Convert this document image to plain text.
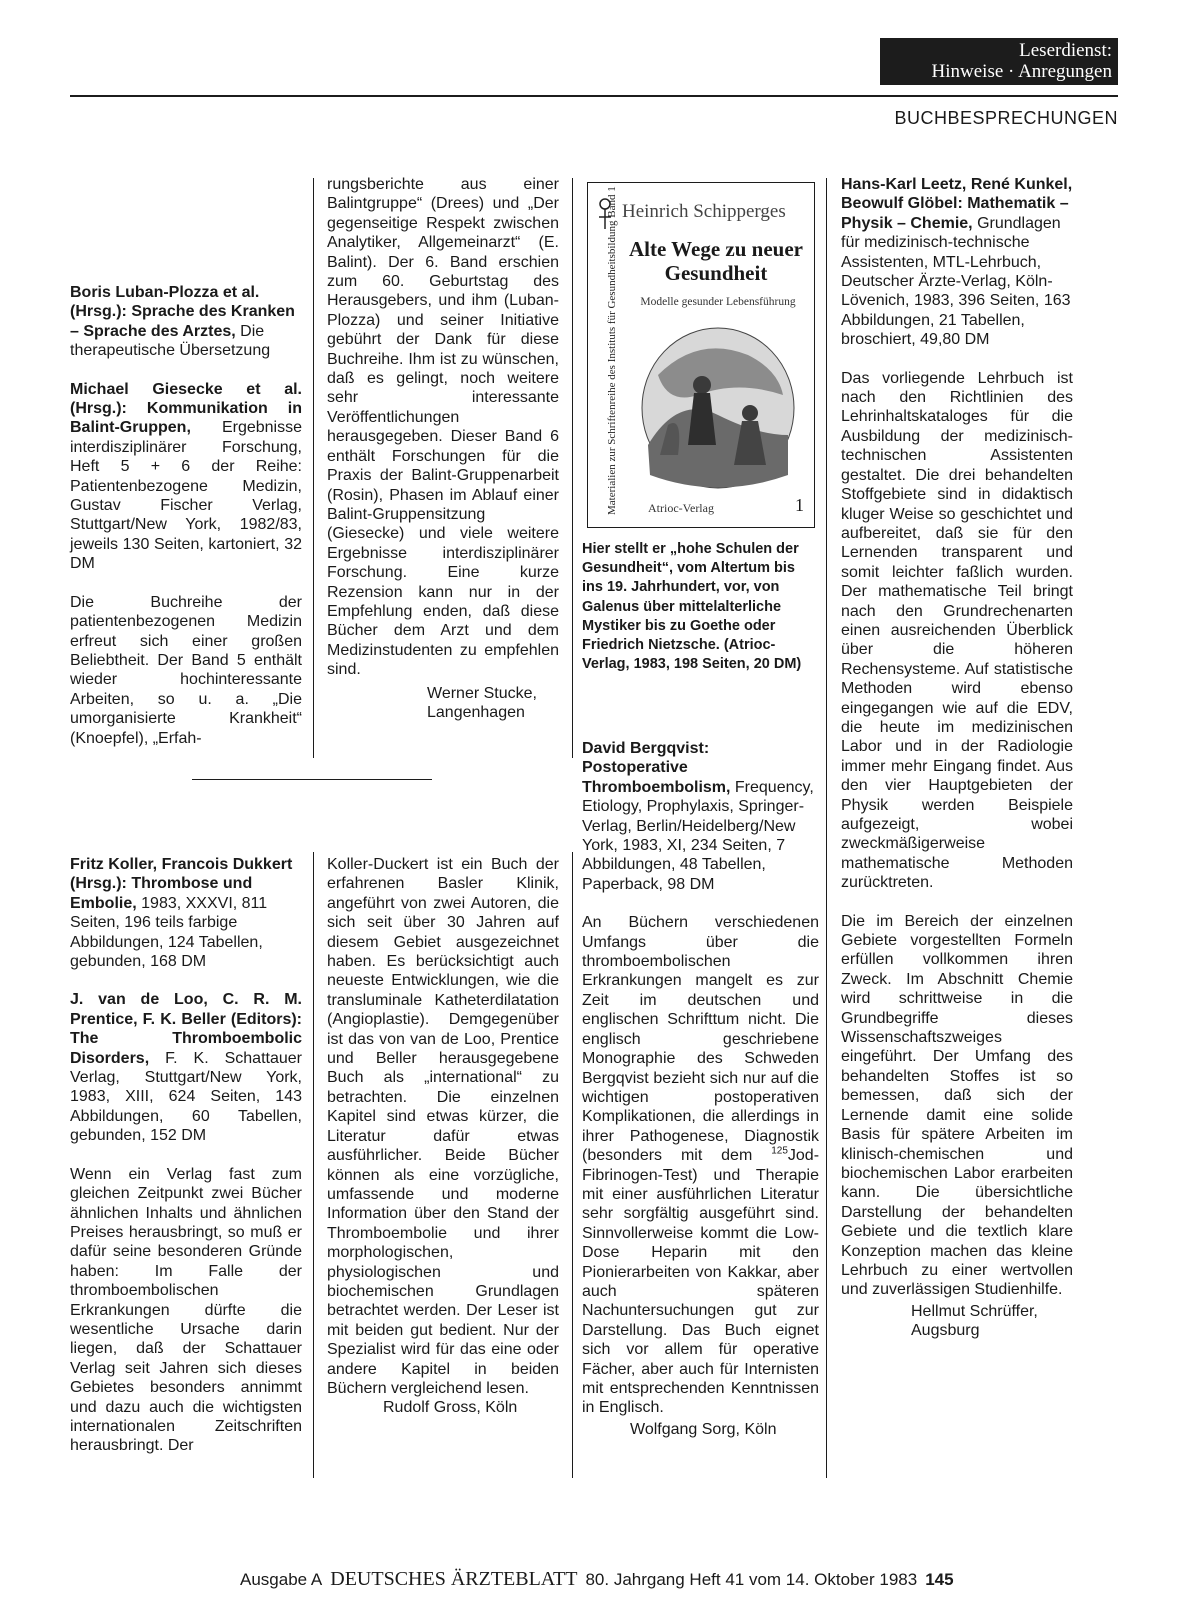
Leserdienst:
Hinweise · Anregungen
BUCHBESPRECHUNGEN

Boris Luban-Plozza et al. (Hrsg.): Sprache des Kranken – Sprache des Arztes, Die therapeutische Übersetzung

Michael Giesecke et al. (Hrsg.): Kommunikation in Balint-Gruppen, Ergebnisse interdisziplinärer Forschung, Heft 5 + 6 der Reihe: Patientenbezogene Medizin, Gustav Fischer Verlag, Stuttgart/New York, 1982/83, jeweils 130 Seiten, kartoniert, 32 DM

Die Buchreihe der patientenbezogenen Medizin erfreut sich einer großen Beliebtheit. Der Band 5 enthält wieder hochinteressante Arbeiten, so u. a. „Die umorganisierte Krankheit“ (Knoepfel), „Erfah-

rungsberichte aus einer Balintgruppe“ (Drees) und „Der gegenseitige Respekt zwischen Analytiker, Allgemeinarzt“ (E. Balint). Der 6. Band erschien zum 60. Geburtstag des Herausgebers, und ihm (Luban-Plozza) und seiner Initiative gebührt der Dank für diese Buchreihe. Ihm ist zu wünschen, daß es gelingt, noch weitere sehr interessante Veröffentlichungen herausgegeben. Dieser Band 6 enthält Forschungen für die Praxis der Balint-Gruppenarbeit (Rosin), Phasen im Ablauf einer Balint-Gruppensitzung (Giesecke) und viele weitere Ergebnisse interdisziplinärer Forschung. Eine kurze Rezension kann nur in der Empfehlung enden, daß diese Bücher dem Arzt und dem Medizinstudenten zu empfehlen sind.

Werner Stucke,
Langenhagen
Materialien zur Schriftenreihe des Instituts für Gesundheitsbildung Band 1 Heinrich Schipperges
Alte Wege zu neuer Gesundheit
Modelle gesunder Lebensführung
Atrioc-Verlag	1
Hier stellt er „hohe Schulen der Gesundheit“, vom Altertum bis ins 19. Jahrhundert, vor, von Galenus über mittelalterliche Mystiker bis zu Goethe oder Friedrich Nietzsche. (Atrioc-Verlag, 1983, 198 Seiten, 20 DM)

David Bergqvist: Postoperative Thromboembolism, Frequency, Etiology, Prophylaxis, Springer-Verlag, Berlin/Heidelberg/New York, 1983, XI, 234 Seiten, 7 Abbildungen, 48 Tabellen, Paperback, 98 DM

An Büchern verschiedenen Umfangs über die thromboembolischen Erkrankungen mangelt es zur Zeit im deutschen und englischen Schrifttum nicht. Die englisch geschriebene Monographie des Schweden Bergqvist bezieht sich nur auf die wichtigen postoperativen Komplikationen, die allerdings in ihrer Pathogenese, Diagnostik (besonders mit dem $^{125}$Jod-Fibrinogen-Test) und Therapie mit einer ausführlichen Literatur sehr sorgfältig ausgeführt sind. Sinnvollerweise kommt die Low-Dose Heparin mit den Pionierarbeiten von Kakkar, aber auch späteren Nachuntersuchungen gut zur Darstellung. Das Buch eignet sich vor allem für operative Fächer, aber auch für Internisten mit entsprechenden Kenntnissen in Englisch.

Wolfgang Sorg, Köln

Hans-Karl Leetz, René Kunkel, Beowulf Glöbel: Mathematik – Physik – Chemie, Grundlagen für medizinisch-technische Assistenten, MTL-Lehrbuch, Deutscher Ärzte-Verlag, Köln-Lövenich, 1983, 396 Seiten, 163 Abbildungen, 21 Tabellen, broschiert, 49,80 DM

Das vorliegende Lehrbuch ist nach den Richtlinien des Lehrinhaltskataloges für die Ausbildung der medizinisch-technischen Assistenten gestaltet. Die drei behandelten Stoffgebiete sind in didaktisch kluger Weise so geschichtet und aufbereitet, daß sie für den Lernenden transparent und somit leichter faßlich wurden. Der mathematische Teil bringt nach den Grundrechenarten einen ausreichenden Überblick über die höheren Rechensysteme. Auf statistische Methoden wird ebenso eingegangen wie auf die EDV, die heute im medizinischen Labor und in der Radiologie immer mehr Eingang findet. Aus den vier Hauptgebieten der Physik werden Beispiele aufgezeigt, wobei zweckmäßigerweise mathematische Methoden zurücktreten.

Die im Bereich der einzelnen Gebiete vorgestellten Formeln erfüllen vollkommen ihren Zweck. Im Abschnitt Chemie wird schrittweise in die Grundbegriffe dieses Wissenschaftszweiges eingeführt. Der Umfang des behandelten Stoffes ist so bemessen, daß sich der Lernende damit eine solide Basis für spätere Arbeiten im klinisch-chemischen und biochemischen Labor erarbeiten kann. Die übersichtliche Darstellung der behandelten Gebiete und die textlich klare Konzeption machen das kleine Lehrbuch zu einer wertvollen und zuverlässigen Studienhilfe.

Hellmut Schrüffer,
Augsburg

Fritz Koller, Francois Dukkert (Hrsg.): Thrombose und Embolie, 1983, XXXVI, 811 Seiten, 196 teils farbige Abbildungen, 124 Tabellen, gebunden, 168 DM

J. van de Loo, C. R. M. Prentice, F. K. Beller (Editors): The Thromboembolic Disorders, F. K. Schattauer Verlag, Stuttgart/New York, 1983, XIII, 624 Seiten, 143 Abbildungen, 60 Tabellen, gebunden, 152 DM

Wenn ein Verlag fast zum gleichen Zeitpunkt zwei Bücher ähnlichen Inhalts und ähnlichen Preises herausbringt, so muß er dafür seine besonderen Gründe haben: Im Falle der thromboembolischen Erkrankungen dürfte die wesentliche Ursache darin liegen, daß der Schattauer Verlag seit Jahren sich dieses Gebietes besonders annimmt und dazu auch die wichtigsten internationalen Zeitschriften herausbringt. Der

Koller-Duckert ist ein Buch der erfahrenen Basler Klinik, angeführt von zwei Autoren, die sich seit über 30 Jahren auf diesem Gebiet ausgezeichnet haben. Es berücksichtigt auch neueste Entwicklungen, wie die transluminale Katheterdilatation (Angioplastie). Demgegenüber ist das von van de Loo, Prentice und Beller herausgegebene Buch als „international“ zu betrachten. Die einzelnen Kapitel sind etwas kürzer, die Literatur dafür etwas ausführlicher. Beide Bücher können als eine vorzügliche, umfassende und moderne Information über den Stand der Thromboembolie und ihrer morphologischen, physiologischen und biochemischen Grundlagen betrachtet werden. Der Leser ist mit beiden gut bedient. Nur der Spezialist wird für das eine oder andere Kapitel in beiden Büchern vergleichend lesen.

Rudolf Gross, Köln
Ausgabe A DEUTSCHES ÄRZTEBLATT 80. Jahrgang Heft 41 vom 14. Oktober 1983 145
